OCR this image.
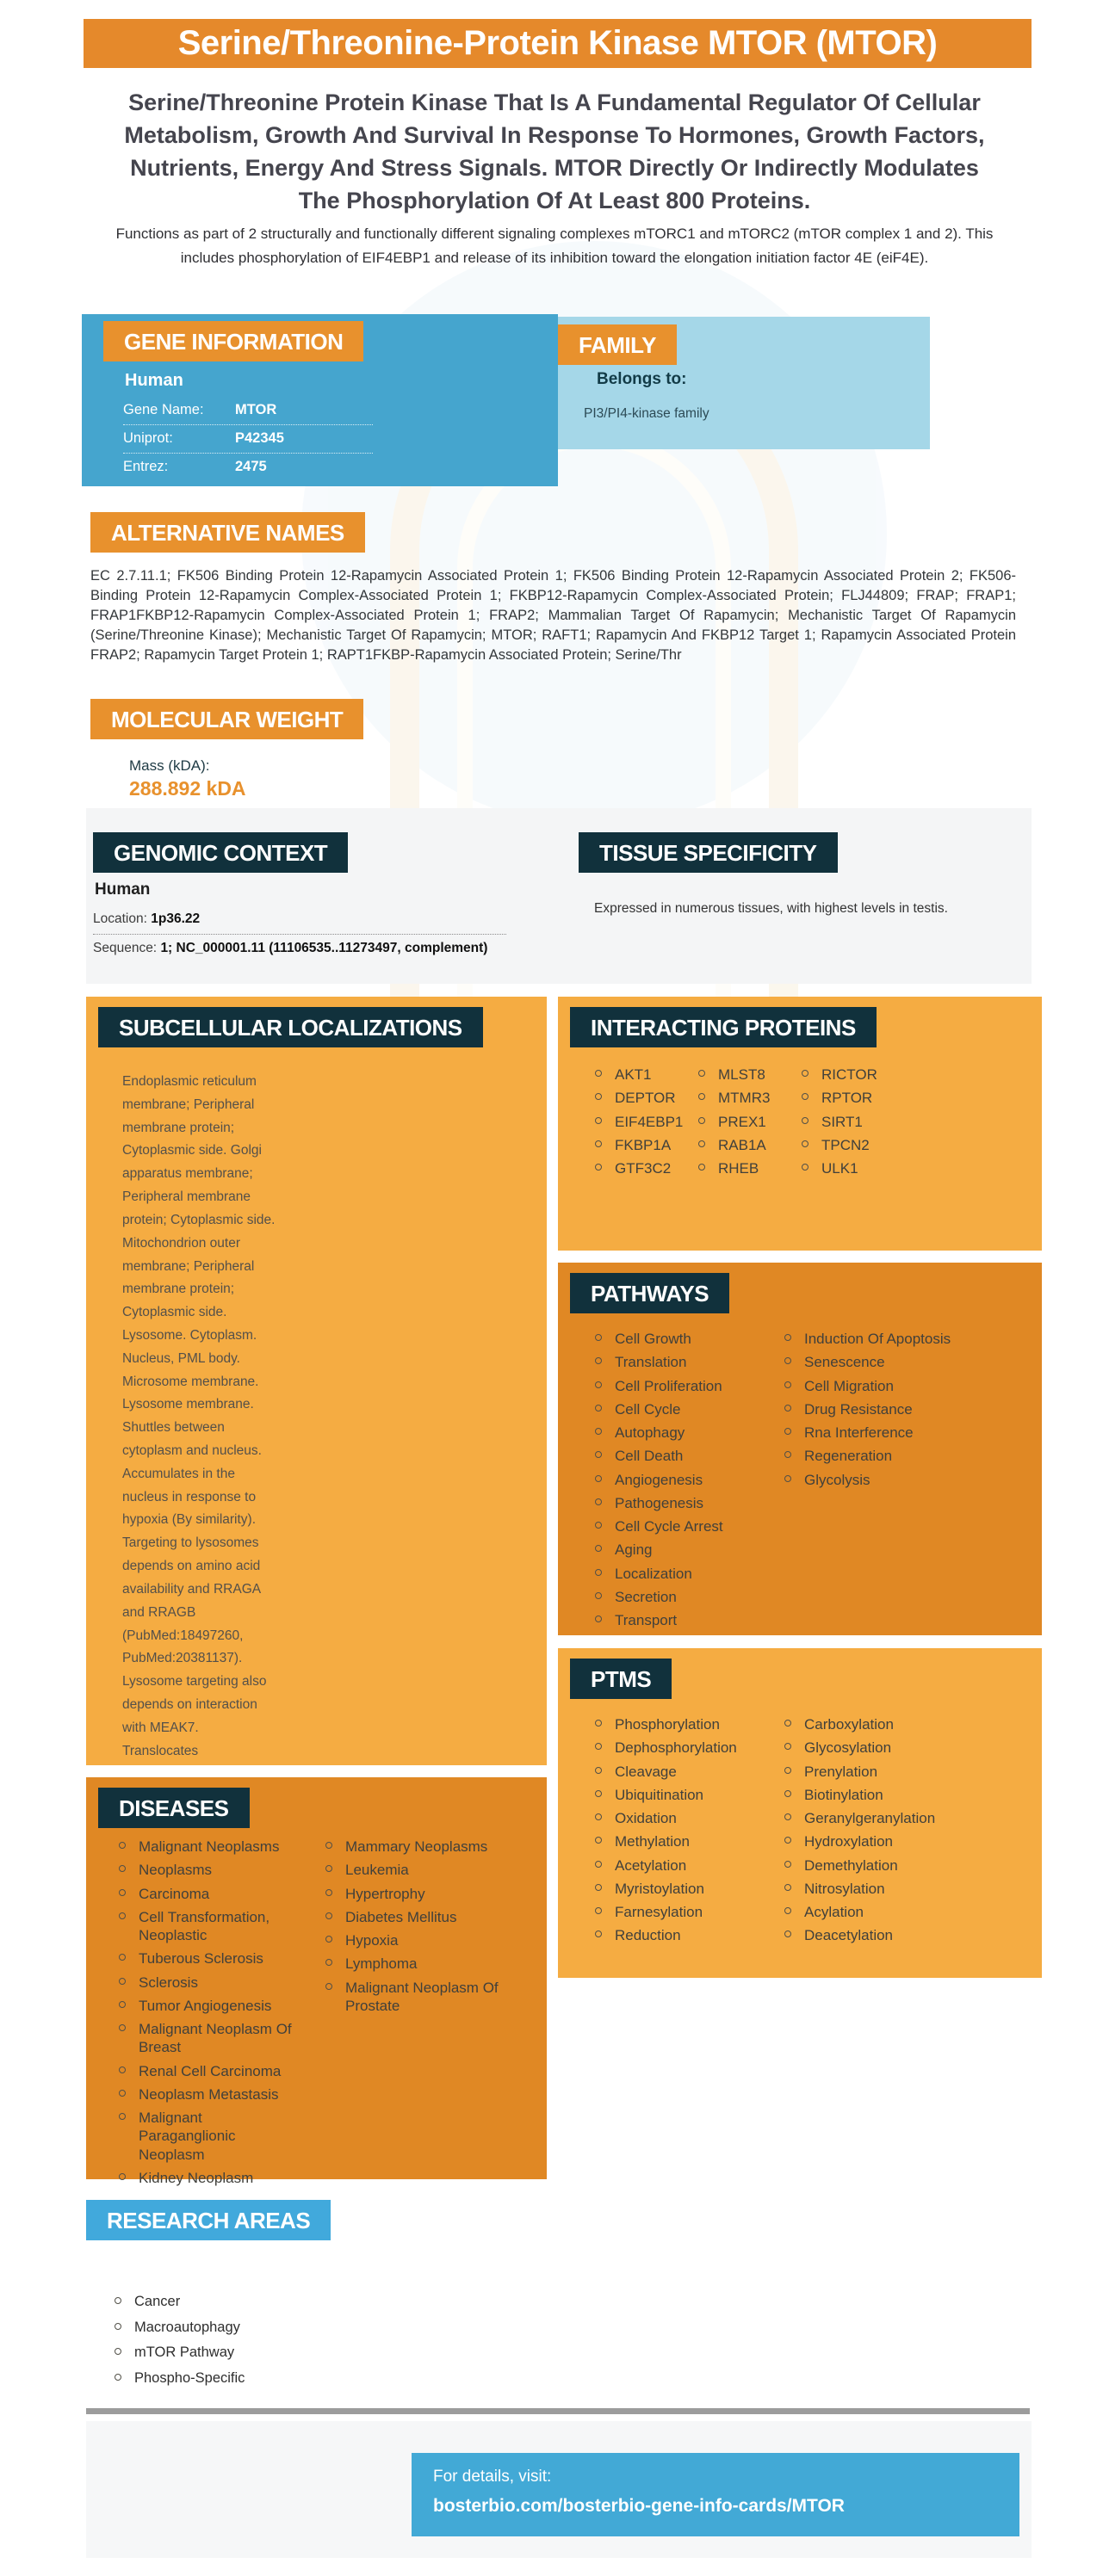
Serine/Threonine-Protein Kinase MTOR (MTOR)
Serine/Threonine Protein Kinase That Is A Fundamental Regulator Of Cellular Metabolism, Growth And Survival In Response To Hormones, Growth Factors, Nutrients, Energy And Stress Signals. MTOR Directly Or Indirectly Modulates The Phosphorylation Of At Least 800 Proteins.
Functions as part of 2 structurally and functionally different signaling complexes mTORC1 and mTORC2 (mTOR complex 1 and 2). This includes phosphorylation of EIF4EBP1 and release of its inhibition toward the elongation initiation factor 4E (eiF4E).
GENE INFORMATION
Human
Gene Name:	MTOR
Uniprot:	P42345
Entrez:	2475
FAMILY
Belongs to:
PI3/PI4-kinase family
ALTERNATIVE NAMES
EC 2.7.11.1; FK506 Binding Protein 12-Rapamycin Associated Protein 1; FK506 Binding Protein 12-Rapamycin Associated Protein 2; FK506-Binding Protein 12-Rapamycin Complex-Associated Protein 1; FKBP12-Rapamycin Complex-Associated Protein; FLJ44809; FRAP; FRAP1; FRAP1FKBP12-Rapamycin Complex-Associated Protein 1; FRAP2; Mammalian Target Of Rapamycin; Mechanistic Target Of Rapamycin (Serine/Threonine Kinase); Mechanistic Target Of Rapamycin; MTOR; RAFT1; Rapamycin And FKBP12 Target 1; Rapamycin Associated Protein FRAP2; Rapamycin Target Protein 1; RAPT1FKBP-Rapamycin Associated Protein; Serine/Thr
MOLECULAR WEIGHT
Mass (kDA):
288.892 kDA
GENOMIC CONTEXT
Human
Location: 1p36.22
Sequence: 1; NC_000001.11 (11106535..11273497, complement)
TISSUE SPECIFICITY
Expressed in numerous tissues, with highest levels in testis.
SUBCELLULAR LOCALIZATIONS
Endoplasmic reticulum membrane; Peripheral membrane protein; Cytoplasmic side. Golgi apparatus membrane; Peripheral membrane protein; Cytoplasmic side. Mitochondrion outer membrane; Peripheral membrane protein; Cytoplasmic side. Lysosome. Cytoplasm. Nucleus, PML body. Microsome membrane. Lysosome membrane. Shuttles between cytoplasm and nucleus. Accumulates in the nucleus in response to hypoxia (By similarity). Targeting to lysosomes depends on amino acid availability and RRAGA and RRAGB (PubMed:18497260, PubMed:20381137). Lysosome targeting also depends on interaction with MEAK7. Translocates
INTERACTING PROTEINS
AKT1
DEPTOR
EIF4EBP1
FKBP1A
GTF3C2
MLST8
MTMR3
PREX1
RAB1A
RHEB
RICTOR
RPTOR
SIRT1
TPCN2
ULK1
PATHWAYS
Cell Growth
Translation
Cell Proliferation
Cell Cycle
Autophagy
Cell Death
Angiogenesis
Pathogenesis
Cell Cycle Arrest
Aging
Localization
Secretion
Transport
Induction Of Apoptosis
Senescence
Cell Migration
Drug Resistance
Rna Interference
Regeneration
Glycolysis
PTMS
Phosphorylation
Dephosphorylation
Cleavage
Ubiquitination
Oxidation
Methylation
Acetylation
Myristoylation
Farnesylation
Reduction
Carboxylation
Glycosylation
Prenylation
Biotinylation
Geranylgeranylation
Hydroxylation
Demethylation
Nitrosylation
Acylation
Deacetylation
DISEASES
Malignant Neoplasms
Neoplasms
Carcinoma
Cell Transformation, Neoplastic
Tuberous Sclerosis
Sclerosis
Tumor Angiogenesis
Malignant Neoplasm Of Breast
Renal Cell Carcinoma
Neoplasm Metastasis
Malignant Paraganglionic Neoplasm
Kidney Neoplasm
Mammary Neoplasms
Leukemia
Hypertrophy
Diabetes Mellitus
Hypoxia
Lymphoma
Malignant Neoplasm Of Prostate
RESEARCH AREAS
Cancer
Macroautophagy
mTOR Pathway
Phospho-Specific
For details, visit:
bosterbio.com/bosterbio-gene-info-cards/MTOR
